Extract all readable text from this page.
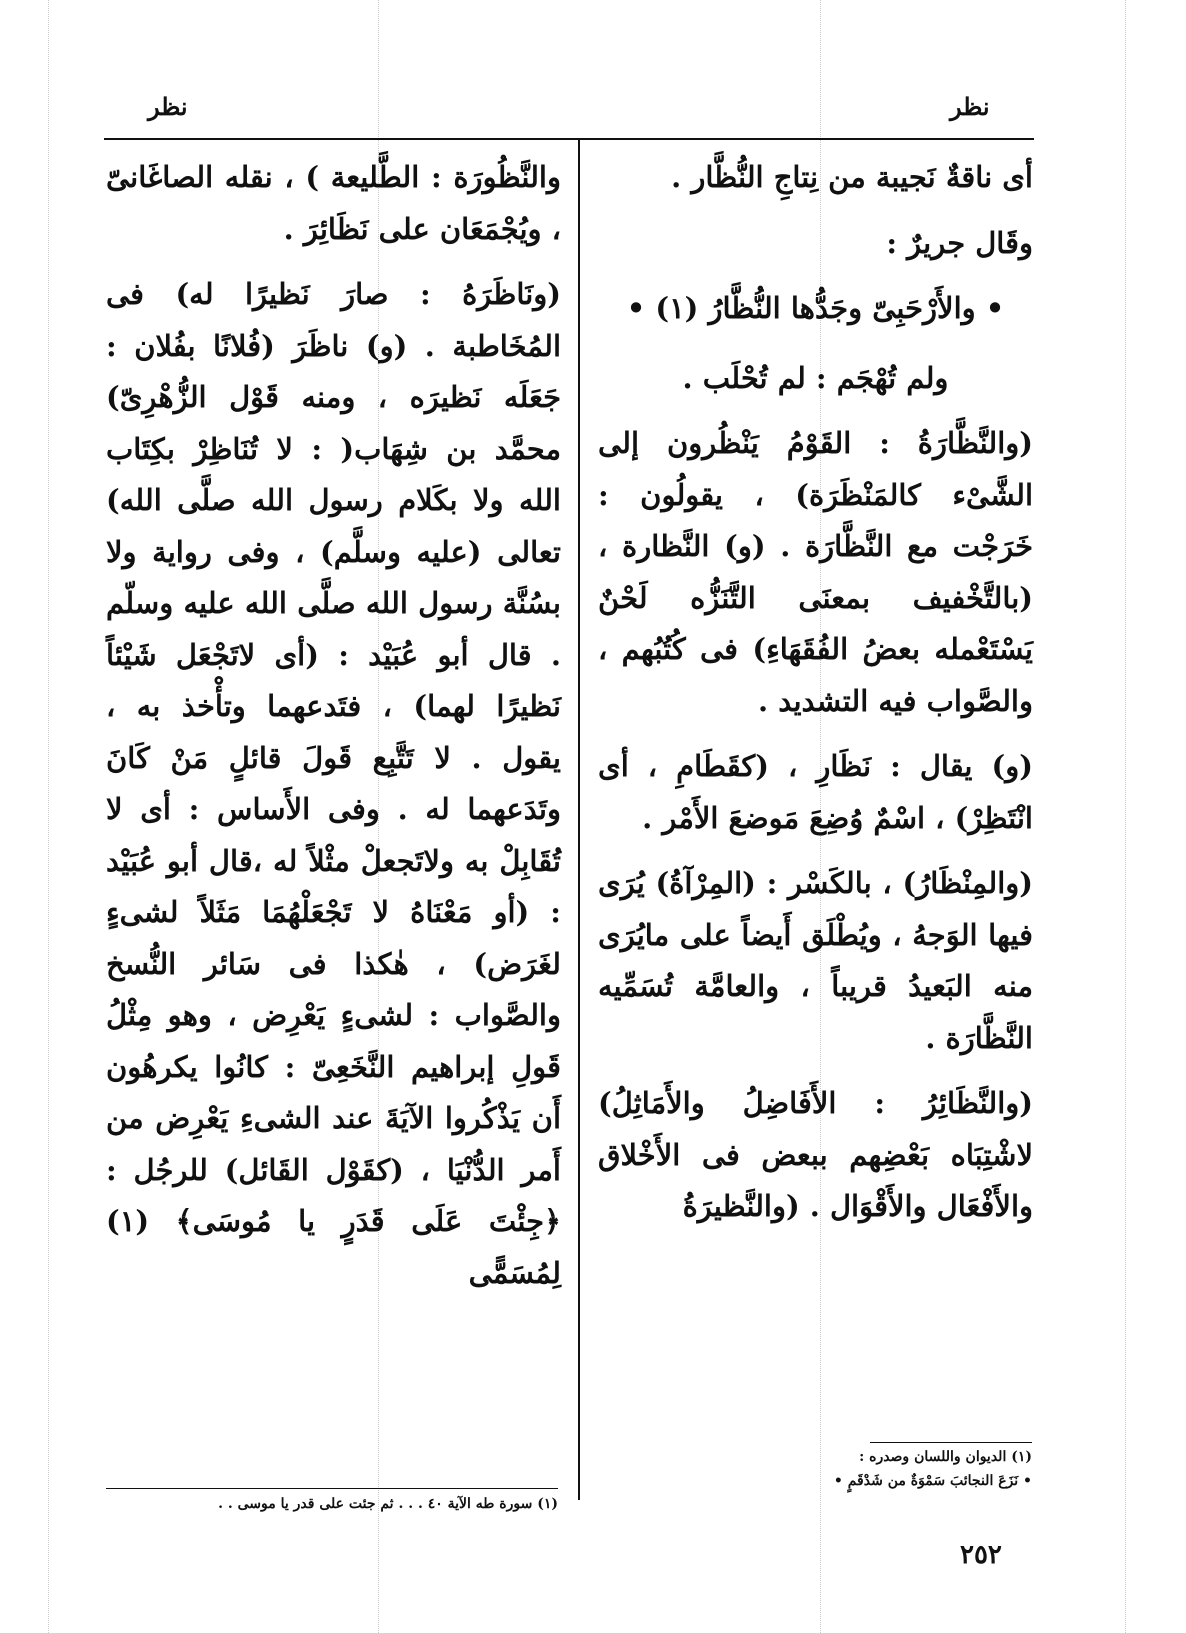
نظر
نظر

أى ناقةٌ نَجيبة من نِتاجِ النُّظَّار .

وقَال جريرٌ :

• والأَرْحَبِىّ وجَدُّها النُّظَّارُ (١) •

ولم تُهْجَم : لم تُحْلَب .

(والنَّظَّارَةُ : القَوْمُ يَنْظُرون إلى الشَّىْء كالمَنْظَرَة) ، يقولُون : خَرَجْت مع النَّظَّارَة . (و) النَّظارة ، (بالتَّخْفيف بمعنَى التَّنَزُّه لَحْنٌ يَسْتَعْمله بعضُ الفُقَهَاءِ) فى كُتُبُهم ، والصَّواب فيه التشديد .

(و) يقال : نَظَارِ ، (كقَطَامِ ، أى انْتَظِرْ) ، اسْمٌ وُضِعَ مَوضعَ الأَمْر .

(والمِنْظَارُ) ، بالكَسْر : (المِرْآةُ) يُرَى فيها الوَجهُ ، ويُطْلَق أَيضاً على مايُرَى منه البَعيدُ قريباً ، والعامَّة تُسَمِّيه النَّظَّارَة .

(والنَّظَائِرُ : الأَفَاضِلُ والأَمَاثِلُ) لاشْتِبَاه بَعْضِهم ببعض فى الأَخْلاق والأَفْعَال والأَقْوَال . (والنَّظيرَةُ

والنَّظُورَة : الطَّليعة ) ، نقله الصاغَانىّ ، ويُجْمَعَان على نَظَائِرَ .

(ونَاظَرَهُ : صارَ نَظيرًا له) فى المُخَاطبة . (و) ناظَرَ (فُلانًا بفُلان : جَعَلَه نَظيرَه ، ومنه قَوْل الزُّهْرِىّ) محمَّد بن شِهَاب( : لا تُنَاظِرْ بكِتَاب الله ولا بكَلام رسول الله صلَّى الله) تعالى (عليه وسلَّم) ، وفى رواية ولا بسُنَّة رسول الله صلَّى الله عليه وسلّم . قال أبو عُبَيْد : (أى لاتَجْعَل شَيْئاً نَظيرًا لهما) ، فتَدعهما وتأْخذ به ، يقول . لا تَتَّبِع قَولَ قائلٍ مَنْ كَانَ وتَدَعهما له . وفى الأَساس : أى لا تُقَابِلْ به ولاتَجعلْ مثْلاً له ،قال أبو عُبَيْد : (أو مَعْنَاهُ لا تَجْعَلْهُمَا مَثَلاً لشىءٍ لغَرَض) ، هٰكذا فى سَائر النُّسخ والصَّواب : لشىءٍ يَعْرِض ، وهو مِثْلُ قَولِ إبراهيم النَّخَعِىّ : كانُوا يكرهُون أَن يَذْكُروا الآيَةَ عند الشىءِ يَعْرِض من أَمر الدُّنْيَا ، (كقَوْل القَائل) للرجُل : ﴿جِئْتَ عَلَى قَدَرٍ يا مُوسَى﴾ (١) لِمُسَمًّى

(١) الديوان واللسان وصدره :
• نَزَعَ النجائبَ سَمْوَةٌ من شَدْقَمٍ •
(١) سورة طه الآية ٤٠ . . . ثم جئت على قدر يا موسى . .
٢٥٢
